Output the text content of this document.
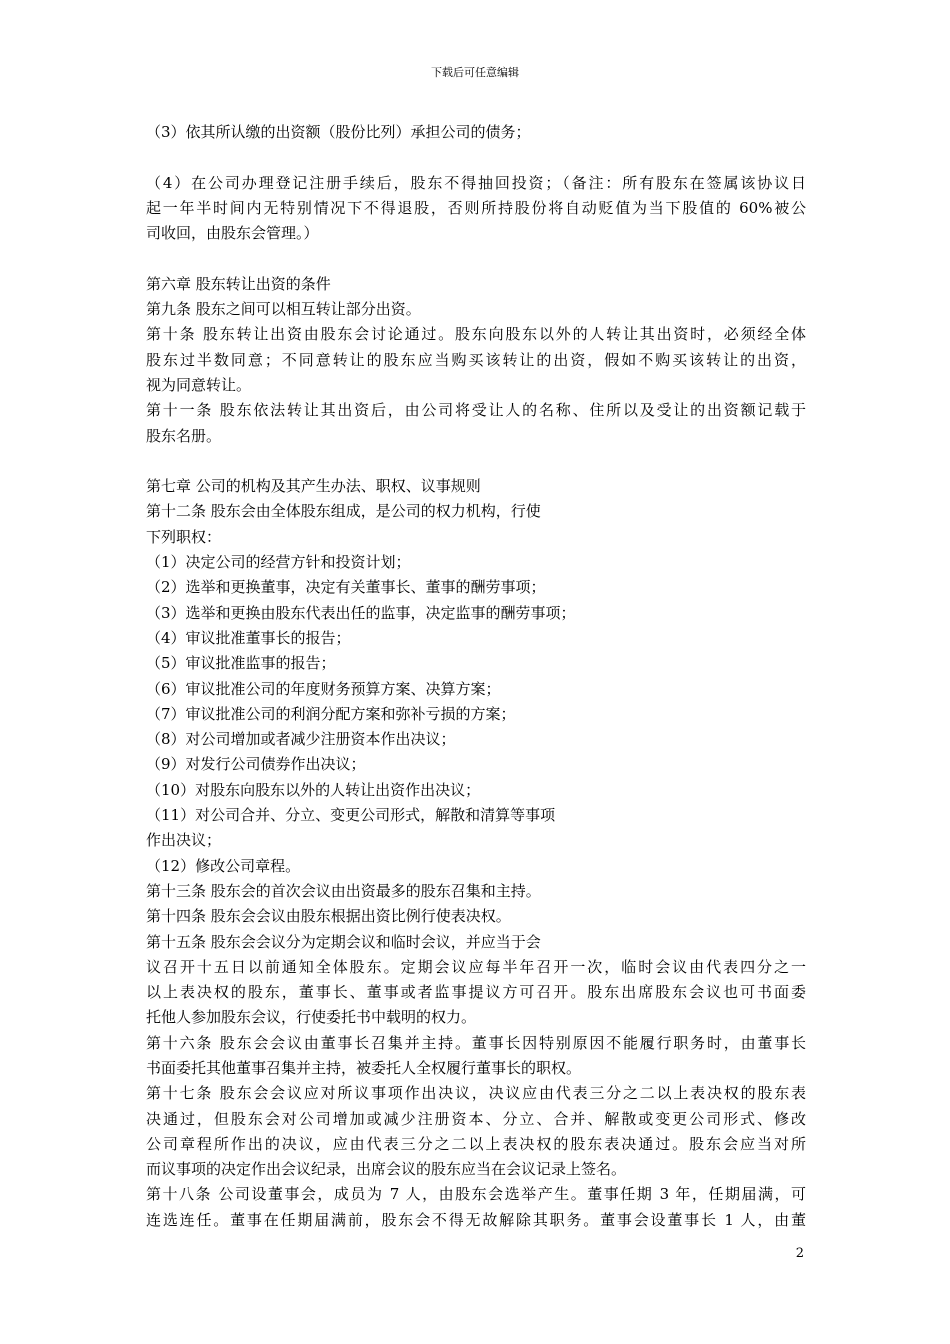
下载后可任意编辑
（3）依其所认缴的出资额（股份比列）承担公司的债务；
（4）在公司办理登记注册手续后，股东不得抽回投资；（备注：所有股东在签属该协议日
起一年半时间内无特别情况下不得退股，否则所持股份将自动贬值为当下股值的 60%被公
司收回，由股东会管理。）
第六章 股东转让出资的条件
第九条 股东之间可以相互转让部分出资。
第十条 股东转让出资由股东会讨论通过。股东向股东以外的人转让其出资时，必须经全体
股东过半数同意；不同意转让的股东应当购买该转让的出资，假如不购买该转让的出资，
视为同意转让。
第十一条 股东依法转让其出资后，由公司将受让人的名称、住所以及受让的出资额记载于
股东名册。
第七章 公司的机构及其产生办法、职权、议事规则
第十二条 股东会由全体股东组成，是公司的权力机构，行使
下列职权：
（1）决定公司的经营方针和投资计划；
（2）选举和更换董事，决定有关董事长、董事的酬劳事项；
（3）选举和更换由股东代表出任的监事，决定监事的酬劳事项；
（4）审议批准董事长的报告；
（5）审议批准监事的报告；
（6）审议批准公司的年度财务预算方案、决算方案；
（7）审议批准公司的利润分配方案和弥补亏损的方案；
（8）对公司增加或者减少注册资本作出决议；
（9）对发行公司债券作出决议；
（10）对股东向股东以外的人转让出资作出决议；
（11）对公司合并、分立、变更公司形式，解散和清算等事项
作出决议；
（12）修改公司章程。
第十三条 股东会的首次会议由出资最多的股东召集和主持。
第十四条 股东会会议由股东根据出资比例行使表决权。
第十五条 股东会会议分为定期会议和临时会议，并应当于会
议召开十五日以前通知全体股东。定期会议应每半年召开一次，临时会议由代表四分之一
以上表决权的股东，董事长、董事或者监事提议方可召开。股东出席股东会议也可书面委
托他人参加股东会议，行使委托书中载明的权力。
第十六条 股东会会议由董事长召集并主持。董事长因特别原因不能履行职务时，由董事长
书面委托其他董事召集并主持，被委托人全权履行董事长的职权。
第十七条 股东会会议应对所议事项作出决议，决议应由代表三分之二以上表决权的股东表
决通过，但股东会对公司增加或减少注册资本、分立、合并、解散或变更公司形式、修改
公司章程所作出的决议，应由代表三分之二以上表决权的股东表决通过。股东会应当对所
而议事项的决定作出会议纪录，出席会议的股东应当在会议记录上签名。
第十八条 公司设董事会，成员为 7 人，由股东会选举产生。董事任期 3 年，任期届满，可
连选连任。董事在任期届满前，股东会不得无故解除其职务。董事会设董事长 1 人，由董
2
